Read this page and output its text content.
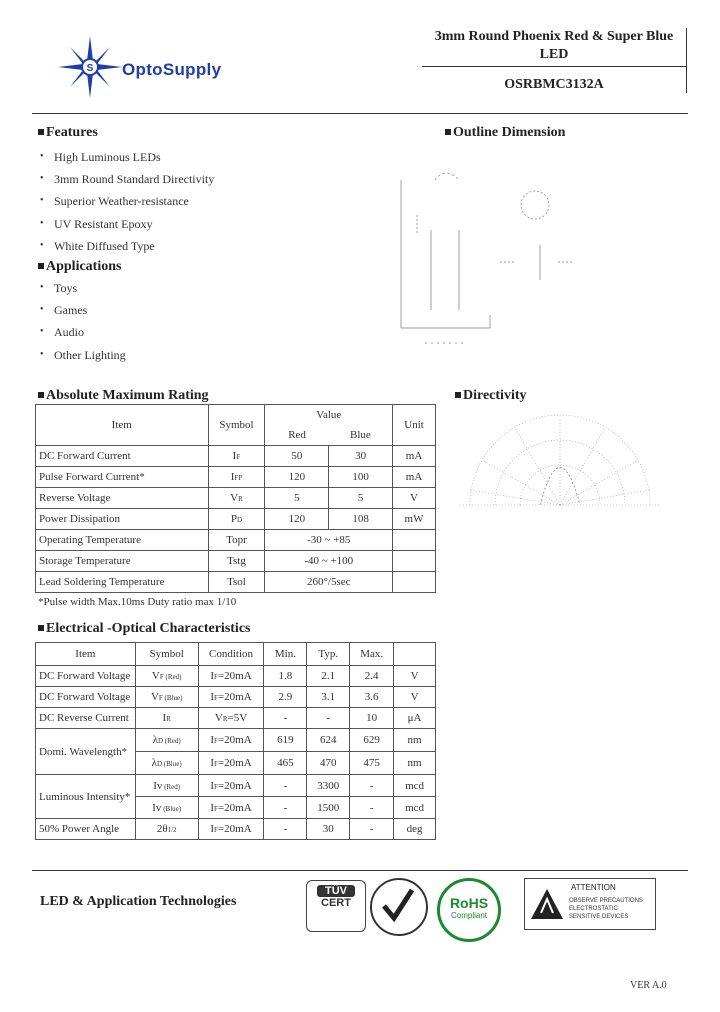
S OptoSupply
3mm Round Phoenix Red & Super Blue
LED
OSRBMC3132A
Features
• High Luminous LEDs
• 3mm Round Standard Directivity
• Superior Weather-resistance
• UV Resistant Epoxy
• White Diffused Type
Applications
• Toys
• Games
• Audio
• Other Lighting
Outline Dimension
Absolute Maximum Rating
Item	Symbol	Value		Unit
		Red	Blue	
DC Forward Current	IF	50	30	mA
Pulse Forward Current*	IFP	120	100	mA
Reverse Voltage	VR	5	5	V
Power Dissipation	PD	120	108	mW
Operating Temperature	Topr	-30 ~ +85		
Storage Temperature	Tstg	-40 ~ +100		
Lead Soldering Temperature	Tsol	260°/5sec		
*Pulse width Max.10ms Duty ratio max 1/10
Directivity
Electrical -Optical Characteristics
Item	Symbol	Condition	Min.	Typ.	Max.	
DC Forward Voltage	VF (Red)	IF=20mA	1.8	2.1	2.4	V
DC Forward Voltage	VF (Blue)	IF=20mA	2.9	3.1	3.6	V
DC Reverse Current	IR	VR=5V	-	-	10	μA
Domi. Wavelength*	λD (Red)	IF=20mA	619	624	629	nm
	λD (Blue)	IF=20mA	465	470	475	nm
Luminous Intensity*	Iv (Red)	IF=20mA	-	3300	-	mcd
	Iv (Blue)	IF=20mA	-	1500	-	mcd
50% Power Angle	2θ1/2	IF=20mA	-	30	-	deg
LED & Application Technologies
TÜV
CERT	RoHS
Compliant
ATTENTION
OBSERVE PRECAUTIONS
ELECTROSTATIC
SENSITIVE DEVICES
VER A.0
